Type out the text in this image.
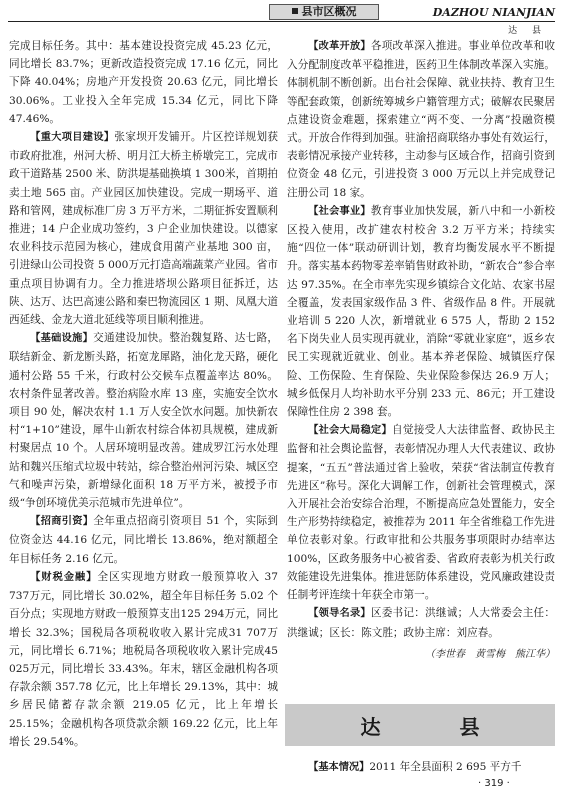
县市区概况	DAZHOU NIANJIAN
达 县

完成目标任务。其中：基本建设投资完成 45.23 亿元，同比增长 83.7%；更新改造投资完成 17.16 亿元，同比下降 40.04%；房地产开发投资 20.63 亿元，同比增长 30.06%。工业投入全年完成 15.34 亿元，同比下降 47.46%。

【重大项目建设】张家坝开发铺开。片区控详规划获市政府批准，州河大桥、明月江大桥主桥墩完工，完成市政干道路基 2500 米、防洪堤基础换填 1 300米，首期拍卖土地 565 亩。产业园区加快建设。完成一期场平、道路和管网，建成标准厂房 3 万平方米，二期征拆安置顺利推进；14 户企业成功签约，3 户企业加快建设。以德家农业科技示范园为核心，建成食用菌产业基地 300 亩，引进绿山公司投资 5 000万元打造高端蔬菜产业园。省市重点项目协调有力。全力推进塔坝公路项目征拆迁，达陕、达万、达巴高速公路和秦巴物流园区 1 期、凤凰大道西延线、金龙大道北延线等项目顺利推进。

【基础设施】交通建设加快。整治魏复路、达七路，联结新金、新龙断头路，拓宽龙犀路，油化龙天路，硬化通村公路 55 千米，行政村公交候车点覆盖率达 80%。农村条件显著改善。整治病险水库 13 座，实施安全饮水项目 90 处，解决农村 1.1 万人安全饮水问题。加快新农村“1+10”建设，犀牛山新农村综合体初具规模，建成新村聚居点 10 个。人居环境明显改善。建成罗江污水处理站和魏兴压缩式垃圾中转站，综合整治州河污染、城区空气和噪声污染，新增绿化面积 18 万平方米，被授予市级“争创环境优美示范城市先进单位”。

【招商引资】全年重点招商引资项目 51 个，实际到位资金达 44.16 亿元，同比增长 13.86%，绝对额超全年目标任务 2.16 亿元。

【财税金融】全区实现地方财政一般预算收入 37 737万元，同比增长 30.02%，超全年目标任务 5.02 个百分点；实现地方财政一般预算支出125 294万元，同比增长 32.3%；国税局各项税收收入累计完成31 707万元，同比增长 6.71%；地税局各项税收收入累计完成45 025万元，同比增长 33.43%。年末，辖区金融机构各项存款余额 357.78 亿元，比上年增长 29.13%，其中：城乡居民储蓄存款余额 219.05 亿元，比上年增长 25.15%；金融机构各项贷款余额 169.22 亿元，比上年增长 29.54%。

【改革开放】各项改革深入推进。事业单位改革和收入分配制度改革平稳推进，医药卫生体制改革深入实施。体制机制不断创新。出台社会保障、就业扶持、教育卫生等配套政策，创新统筹城乡户籍管理方式；破解农民聚居点建设资金难题，探索建立“两不变、一分离”投融资模式。开放合作得到加强。驻渝招商联络办事处有效运行，表彰情况承接产业转移，主动参与区域合作，招商引资到位资金 48 亿元，引进投资 3 000 万元以上并完成登记注册公司 18 家。

【社会事业】教育事业加快发展，新八中和一小新校区投入使用，改扩建农村校舍 3.2 万平方米；持续实施“四位一体”联动研训计划，教育均衡发展水平不断提升。落实基本药物零差率销售财政补助，“新农合”参合率达 97.35%。在全市率先实现乡镇综合文化站、农家书屋全覆盖，发表国家级作品 3 件、省级作品 8 件。开展就业培训 5 220 人次，新增就业 6 575 人，帮助 2 152 名下岗失业人员实现再就业，消除“零就业家庭”，返乡农民工实现就近就业、创业。基本养老保险、城镇医疗保险、工伤保险、生育保险、失业保险参保达 26.9 万人；城乡低保月人均补助水平分别 233 元、86元；开工建设保障性住房 2 398 套。

【社会大局稳定】自觉接受人大法律监督、政协民主监督和社会舆论监督，表彰情况办理人大代表建议、政协提案，“五五”普法通过省上验收，荣获“省法制宣传教育先进区”称号。深化大调解工作，创新社会管理模式，深入开展社会治安综合治理，不断提高应急处置能力，安全生产形势持续稳定，被推荐为 2011 年全省维稳工作先进单位表彰对象。行政审批和公共服务事项限时办结率达 100%，区政务服务中心被省委、省政府表彰为机关行政效能建设先进集体。推进惩防体系建设，党风廉政建设责任制考评连续十年获全市第一。

【领导名录】区委书记：洪继诚；人大常委会主任：洪继诚；区长：陈文胜；政协主席：刘应春。

（李世春　黄雪梅　熊江华）

达 县

【基本情况】2011 年全县面积 2 695 平方千

· 319 ·
